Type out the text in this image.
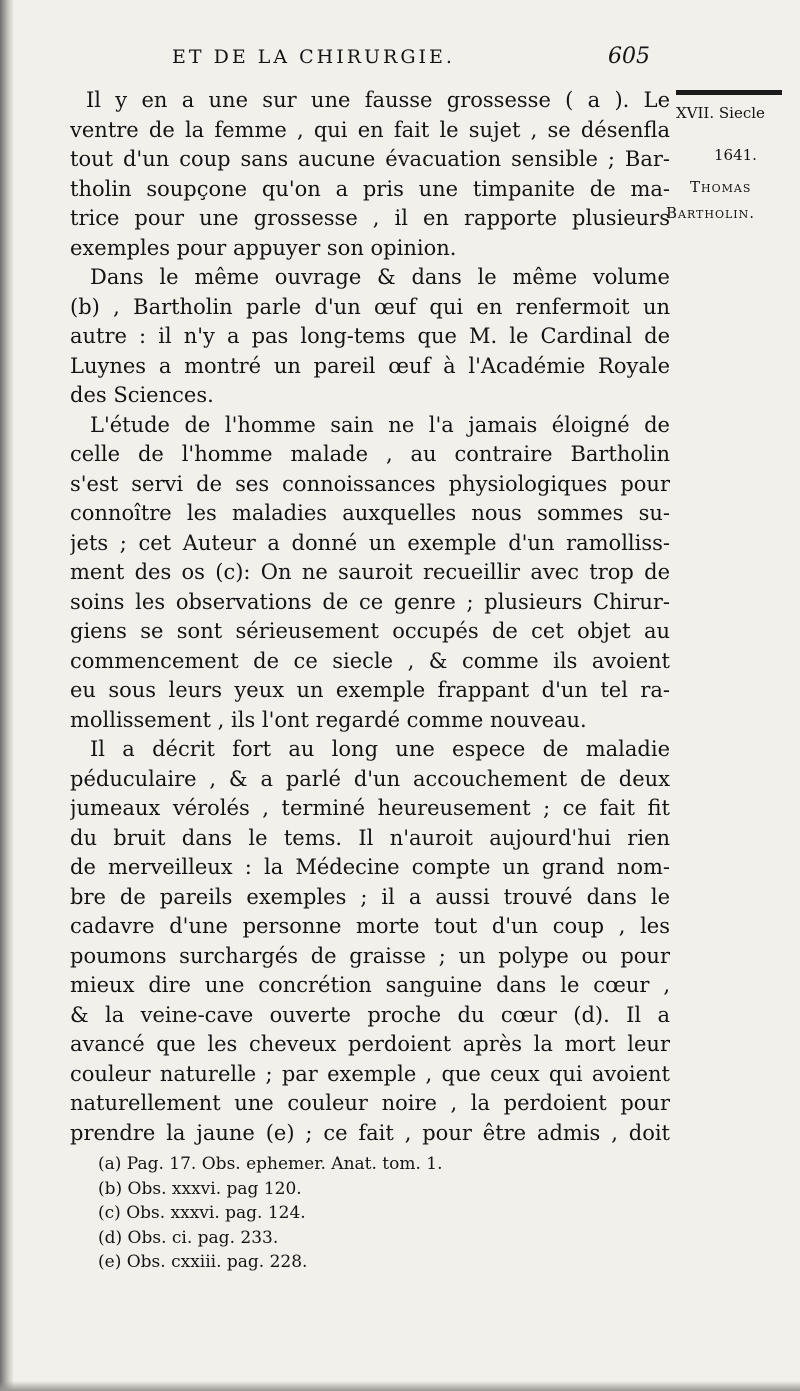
ET DE LA CHIRURGIE.	605
XVII. Siecle
1641.
Thomas
Bartholin.
Il y en a une sur une fausse grossesse ( a ). Le
ventre de la femme , qui en fait le sujet , se désenfla
tout d'un coup sans aucune évacuation sensible ; Bar-
tholin soupçone qu'on a pris une timpanite de ma-
trice pour une grossesse , il en rapporte plusieurs
exemples pour appuyer son opinion.
Dans le même ouvrage & dans le même volume
(b) , Bartholin parle d'un œuf qui en renfermoit un
autre : il n'y a pas long-tems que M. le Cardinal de
Luynes a montré un pareil œuf à l'Académie Royale
des Sciences.
L'étude de l'homme sain ne l'a jamais éloigné de
celle de l'homme malade , au contraire Bartholin
s'est servi de ses connoissances physiologiques pour
connoître les maladies auxquelles nous sommes su-
jets ; cet Auteur a donné un exemple d'un ramolliss-
ment des os (c): On ne sauroit recueillir avec trop de
soins les observations de ce genre ; plusieurs Chirur-
giens se sont sérieusement occupés de cet objet au
commencement de ce siecle , & comme ils avoient
eu sous leurs yeux un exemple frappant d'un tel ra-
mollissement , ils l'ont regardé comme nouveau.
Il a décrit fort au long une espece de maladie
péduculaire , & a parlé d'un accouchement de deux
jumeaux vérolés , terminé heureusement ; ce fait fit
du bruit dans le tems. Il n'auroit aujourd'hui rien
de merveilleux : la Médecine compte un grand nom-
bre de pareils exemples ; il a aussi trouvé dans le
cadavre d'une personne morte tout d'un coup , les
poumons surchargés de graisse ; un polype ou pour
mieux dire une concrétion sanguine dans le cœur ,
& la veine-cave ouverte proche du cœur (d). Il a
avancé que les cheveux perdoient après la mort leur
couleur naturelle ; par exemple , que ceux qui avoient
naturellement une couleur noire , la perdoient pour
prendre la jaune (e) ; ce fait , pour être admis , doit
(a) Pag. 17. Obs. ephemer. Anat. tom. 1.
(b) Obs. xxxvi. pag 120.
(c) Obs. xxxvi. pag. 124.
(d) Obs. ci. pag. 233.
(e) Obs. cxxiii. pag. 228.
